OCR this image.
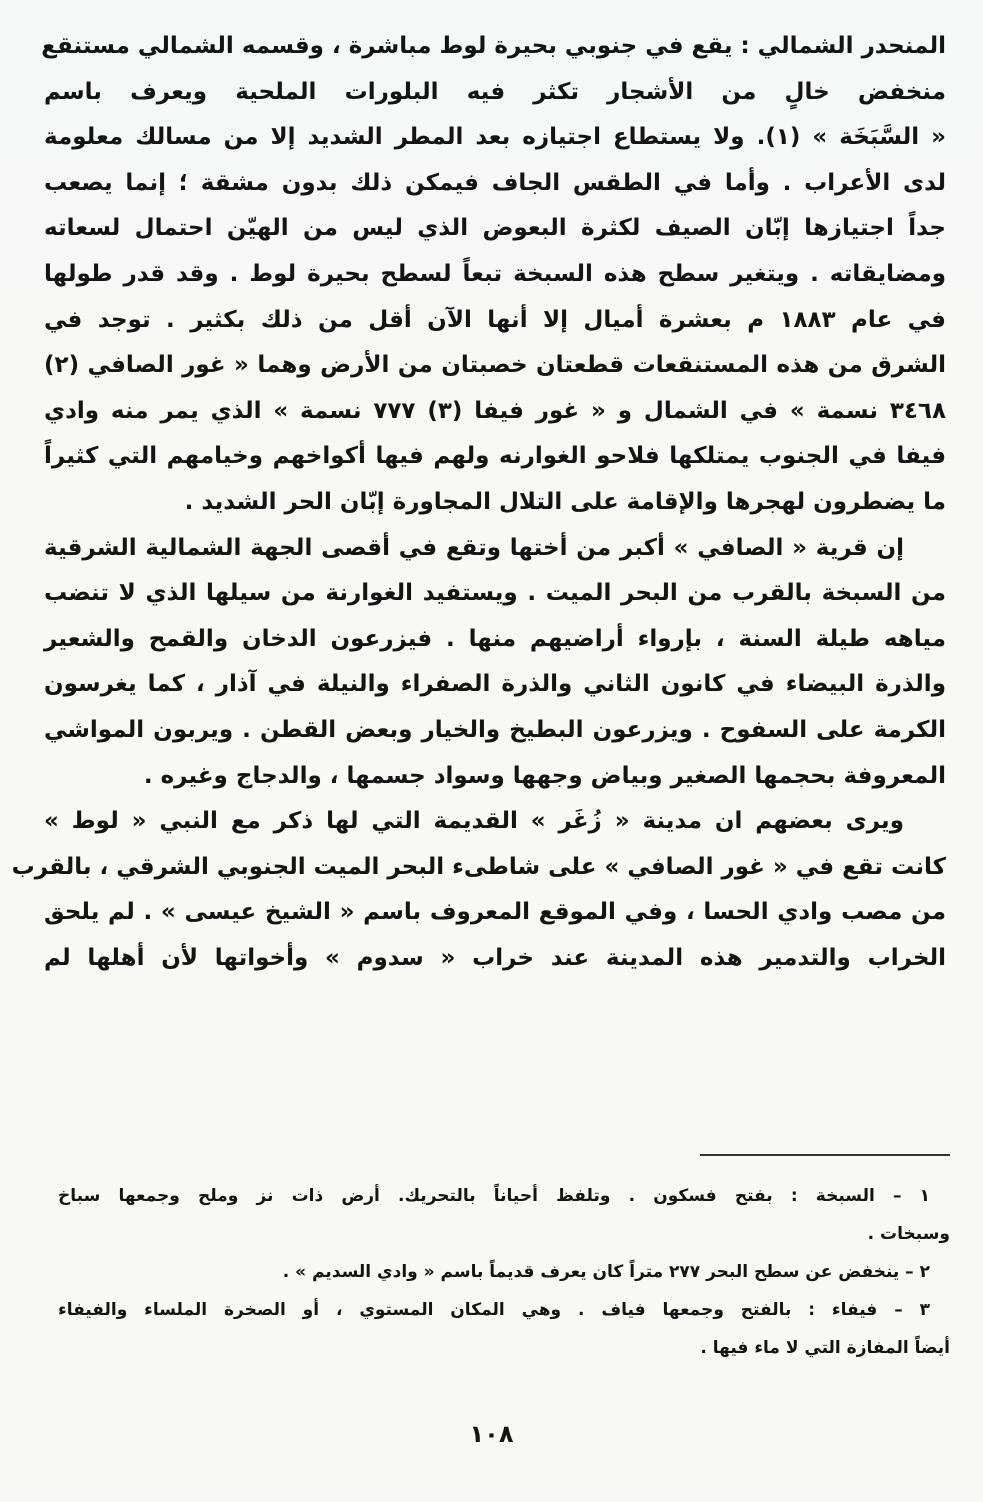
المنحدر الشمالي : يقع في جنوبي بحيرة لوط مباشرة ، وقسمه الشمالي مستنقع
منخفض خالٍ من الأشجار تكثر فيه البلورات الملحية ويعرف باسم
« السَّبَخَة » (١). ولا يستطاع اجتيازه بعد المطر الشديد إلا من مسالك معلومة
لدى الأعراب . وأما في الطقس الجاف فيمكن ذلك بدون مشقة ؛ إنما يصعب
جداً اجتيازها إبّان الصيف لكثرة البعوض الذي ليس من الهيّن احتمال لسعاته
ومضايقاته . ويتغير سطح هذه السبخة تبعاً لسطح بحيرة لوط . وقد قدر طولها
في عام ١٨٨٣ م بعشرة أميال إلا أنها الآن أقل من ذلك بكثير . توجد في
الشرق من هذه المستنقعات قطعتان خصبتان من الأرض وهما « غور الصافي (٢)
٣٤٦٨ نسمة » في الشمال و « غور فيفا (٣) ٧٧٧ نسمة » الذي يمر منه وادي
فيفا في الجنوب يمتلكها فلاحو الغوارنه ولهم فيها أكواخهم وخيامهم التي كثيراً
ما يضطرون لهجرها والإقامة على التلال المجاورة إبّان الحر الشديد .
إن قرية « الصافي » أكبر من أختها وتقع في أقصى الجهة الشمالية الشرقية
من السبخة بالقرب من البحر الميت . ويستفيد الغوارنة من سيلها الذي لا تنضب
مياهه طيلة السنة ، بإرواء أراضيهم منها . فيزرعون الدخان والقمح والشعير
والذرة البيضاء في كانون الثاني والذرة الصفراء والنيلة في آذار ، كما يغرسون
الكرمة على السفوح . ويزرعون البطيخ والخيار وبعض القطن . ويربون المواشي
المعروفة بحجمها الصغير وبياض وجهها وسواد جسمها ، والدجاج وغيره .
ويرى بعضهم ان مدينة « زُغَر » القديمة التي لها ذكر مع النبي « لوط »
كانت تقع في « غور الصافي » على شاطىء البحر الميت الجنوبي الشرقي ، بالقرب
من مصب وادي الحسا ، وفي الموقع المعروف باسم « الشيخ عيسى » . لم يلحق
الخراب والتدمير هذه المدينة عند خراب « سدوم » وأخواتها لأن أهلها لم
١ – السبخة : بفتح فسكون . وتلفظ أحياناً بالتحريك. أرض ذات نز وملح وجمعها سباخ
وسبخات .
٢ – ينخفض عن سطح البحر ٢٧٧ متراً كان يعرف قديماً باسم « وادي السديم » .
٣ – فيفاء : بالفتح وجمعها فياف . وهي المكان المستوي ، أو الصخرة الملساء والفيفاء
أيضاً المفازة التي لا ماء فيها .
١٠٨
